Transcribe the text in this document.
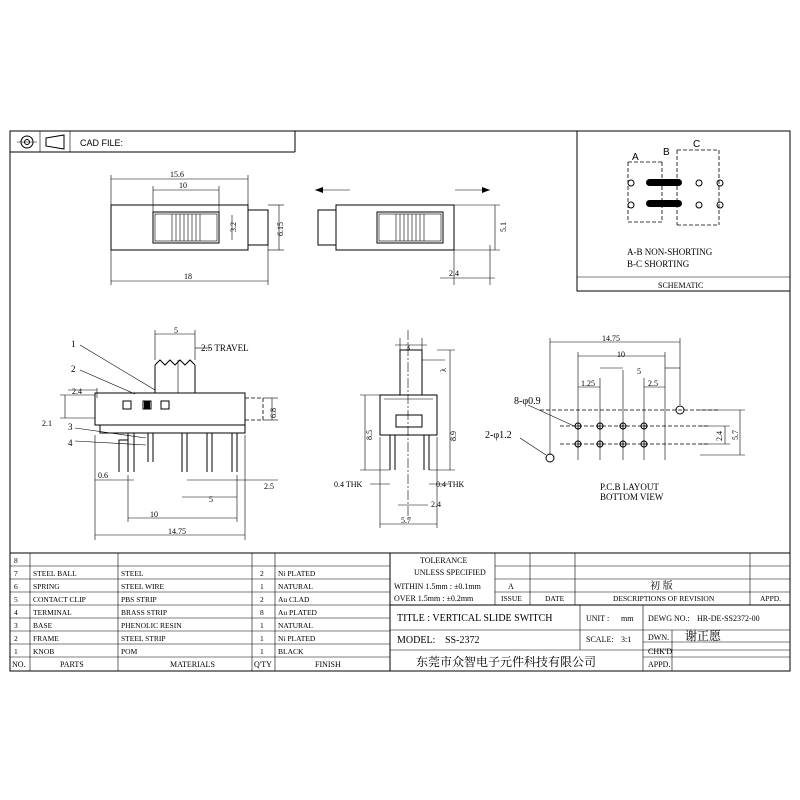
CAD FILE:
15.6
10
3.2	6.15
18
5.1
2.4
A B
C
A-B NON-SHORTING
B-C SHORTING
SCHEMATIC
5
2.5 TRAVEL
1
2
3
4
2.4
2.1
6.8
0.6
2.5
5
10
14.75
3
λ
8.5	8.9
0.4 THK	0.4 THK
2.4
5.7
14.75
10
5
1.25	2.5
8-φ0.9
2-φ1.2	2.4 5.7
P.C.B LAYOUT
BOTTOM VIEW
8
7 STEEL BALL	STEEL	2 Ni PLATED
6 SPRING	STEEL WIRE	1 NATURAL
5 CONTACT CLIP	PBS STRIP	2 Au CLAD
4 TERMINAL	BRASS STRIP	8 Au PLATED
3 BASE	PHENOLIC RESIN	1 NATURAL
2 FRAME	STEEL STRIP	1 Ni PLATED
1 KNOB	POM	1 BLACK
NO.	PARTS	MATERIALS	Q'TY	FINISH
TOLERANCE
UNLESS SPECIFIED
WITHIN 1.5mm : ±0.1mm
OVER 1.5mm : ±0.2mm
A	初 版
ISSUE	DATE	DESCRIPTIONS OF REVISION	APPD.
TITLE : VERTICAL SLIDE SWITCH	UNIT : mm DEWG NO.: HR-DE-SS2372-00
MODEL: SS-2372	SCALE: 3:1 DWN. 谢正愿
CHK'D
APPD.
东莞市众智电子元件科技有限公司
